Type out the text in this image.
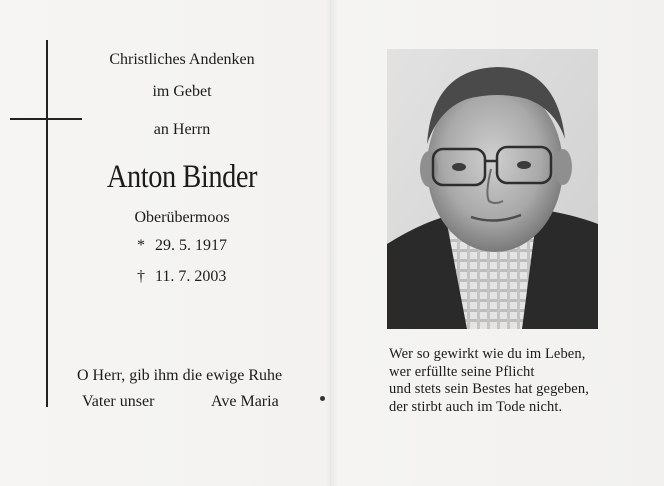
Christliches Andenken
im Gebet
an Herrn
Anton Binder
Oberübermoos
* 29. 5. 1917
† 11. 7. 2003
O Herr, gib ihm die ewige Ruhe
Vater unser	Ave Maria
Wer so gewirkt wie du im Leben,
wer erfüllte seine Pflicht
und stets sein Bestes hat gegeben,
der stirbt auch im Tode nicht.
